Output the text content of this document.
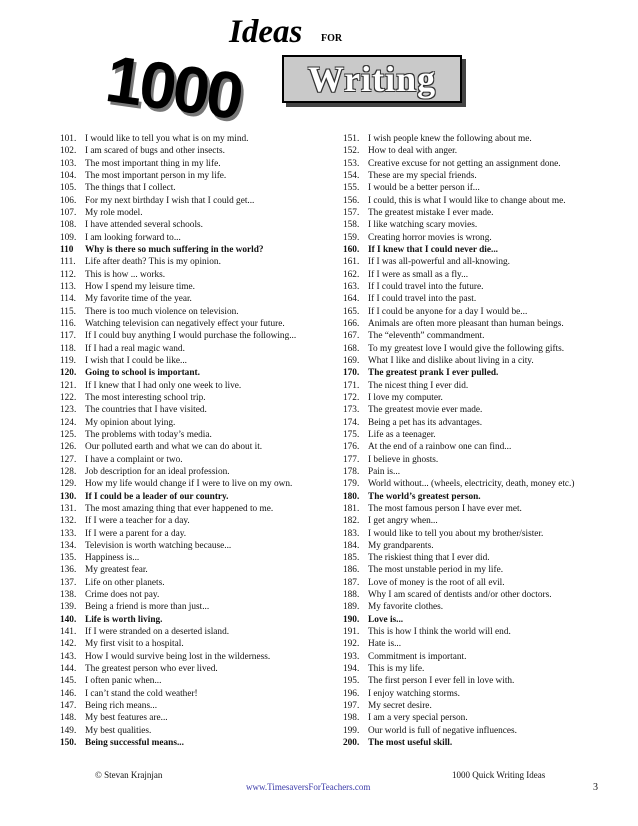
Ideas FOR
1000	Writing
101. I would like to tell you what is on my mind.
102. I am scared of bugs and other insects.
103. The most important thing in my life.
104. The most important person in my life.
105. The things that I collect.
106. For my next birthday I wish that I could get...
107. My role model.
108. I have attended several schools.
109. I am looking forward to...
110	Why is there so much suffering in the world?
111.	Life after death? This is my opinion.
112. This is how ... works.
113. How I spend my leisure time.
114. My favorite time of the year.
115. There is too much violence on television.
116. Watching television can negatively effect your future.
117. If I could buy anything I would purchase the following...
118. If I had a real magic wand.
119. I wish that I could be like...
120. Going to school is important.
121. If I knew that I had only one week to live.
122. The most interesting school trip.
123. The countries that I have visited.
124. My opinion about lying.
125. The problems with today’s media.
126. Our polluted earth and what we can do about it.
127. I have a complaint or two.
128. Job description for an ideal profession.
129. How my life would change if I were to live on my own.
130. If I could be a leader of our country.
131. The most amazing thing that ever happened to me.
132. If I were a teacher for a day.
133. If I were a parent for a day.
134. Television is worth watching because...
135. Happiness is...
136. My greatest fear.
137. Life on other planets.
138. Crime does not pay.
139. Being a friend is more than just...
140. Life is worth living.
141. If I were stranded on a deserted island.
142. My first visit to a hospital.
143. How I would survive being lost in the wilderness.
144. The greatest person who ever lived.
145. I often panic when...
146. I can’t stand the cold weather!
147. Being rich means...
148. My best features are...
149. My best qualities.
150. Being successful means...
151. I wish people knew the following about me.
152. How to deal with anger.
153. Creative excuse for not getting an assignment done.
154. These are my special friends.
155. I would be a better person if...
156. I could, this is what I would like to change about me.
157. The greatest mistake I ever made.
158. I like watching scary movies.
159. Creating horror movies is wrong.
160. If I knew that I could never die...
161. If I was all-powerful and all-knowing.
162. If I were as small as a fly...
163. If I could travel into the future.
164. If I could travel into the past.
165. If I could be anyone for a day I would be...
166. Animals are often more pleasant than human beings.
167. The “eleventh” commandment.
168. To my greatest love I would give the following gifts.
169. What I like and dislike about living in a city.
170. The greatest prank I ever pulled.
171. The nicest thing I ever did.
172. I love my computer.
173. The greatest movie ever made.
174. Being a pet has its advantages.
175. Life as a teenager.
176. At the end of a rainbow one can find...
177. I believe in ghosts.
178. Pain is...
179. World without... (wheels, electricity, death, money etc.)
180. The world’s greatest person.
181. The most famous person I have ever met.
182. I get angry when...
183. I would like to tell you about my brother/sister.
184. My grandparents.
185. The riskiest thing that I ever did.
186. The most unstable period in my life.
187. Love of money is the root of all evil.
188. Why I am scared of dentists and/or other doctors.
189. My favorite clothes.
190. Love is...
191. This is how I think the world will end.
192. Hate is...
193. Commitment is important.
194. This is my life.
195. The first person I ever fell in love with.
196. I enjoy watching storms.
197. My secret desire.
198. I am a very special person.
199. Our world is full of negative influences.
200. The most useful skill.
© Stevan Krajnjan	1000 Quick Writing Ideas
www.TimesaversForTeachers.com	3
